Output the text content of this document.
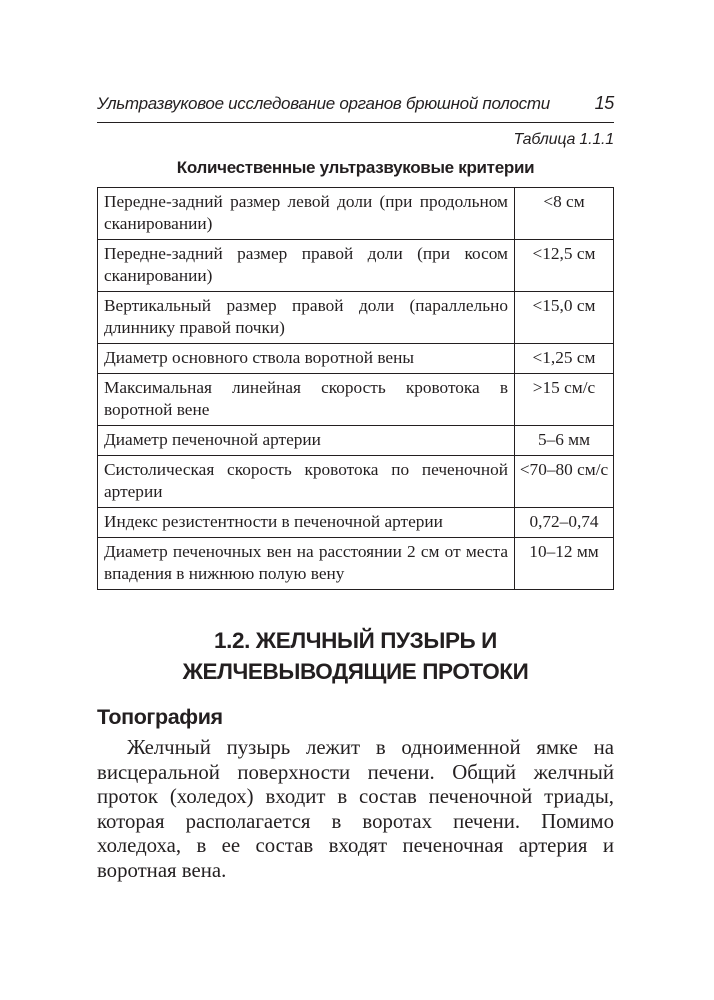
Ультразвуковое исследование органов брюшной полости 15
Таблица 1.1.1
Количественные ультразвуковые критерии
Передне-задний размер левой доли (при продольном сканировании)	<8 см
Передне-задний размер правой доли (при косом сканировании)	<12,5 см
Вертикальный размер правой доли (параллельно длиннику правой почки)	<15,0 см
Диаметр основного ствола воротной вены	<1,25 см
Максимальная линейная скорость кровотока в воротной вене	>15 см/с
Диаметр печеночной артерии	5–6 мм
Систолическая скорость кровотока по печеночной артерии	<70–80 см/с
Индекс резистентности в печеночной артерии	0,72–0,74
Диаметр печеночных вен на расстоянии 2 см от места впадения в нижнюю полую вену	10–12 мм
1.2. ЖЕЛЧНЫЙ ПУЗЫРЬ И ЖЕЛЧЕВЫВОДЯЩИЕ ПРОТОКИ
Топография

Желчный пузырь лежит в одноименной ямке на висцеральной поверхности печени. Общий желчный проток (холедох) входит в состав печеночной триады, которая располагается в воротах печени. Помимо холедоха, в ее состав входят печеночная артерия и воротная вена.
